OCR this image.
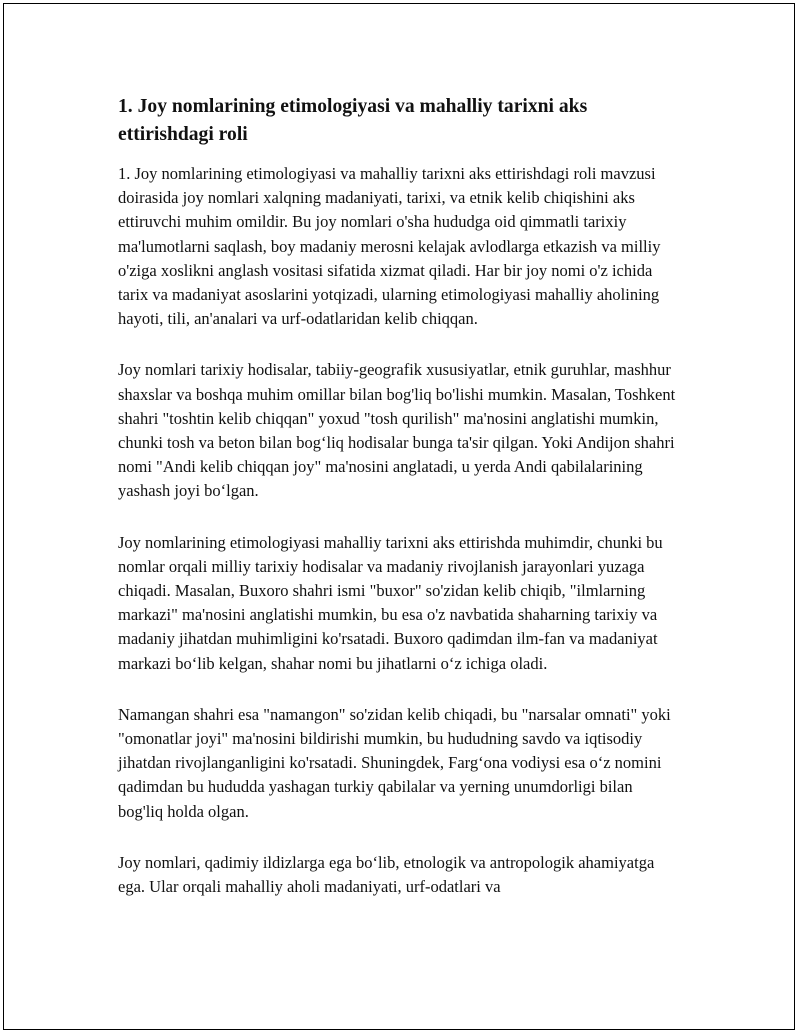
1. Joy nomlarining etimologiyasi va mahalliy tarixni aks ettirishdagi roli

1. Joy nomlarining etimologiyasi va mahalliy tarixni aks ettirishdagi roli mavzusi doirasida joy nomlari xalqning madaniyati, tarixi, va etnik kelib chiqishini aks ettiruvchi muhim omildir. Bu joy nomlari o'sha hududga oid qimmatli tarixiy ma'lumotlarni saqlash, boy madaniy merosni kelajak avlodlarga etkazish va milliy o'ziga xoslikni anglash vositasi sifatida xizmat qiladi. Har bir joy nomi o'z ichida tarix va madaniyat asoslarini yotqizadi, ularning etimologiyasi mahalliy aholining hayoti, tili, an'analari va urf-odatlaridan kelib chiqqan.

Joy nomlari tarixiy hodisalar, tabiiy-geografik xususiyatlar, etnik guruhlar, mashhur shaxslar va boshqa muhim omillar bilan bog'liq bo'lishi mumkin. Masalan, Toshkent shahri "toshtin kelib chiqqan" yoxud "tosh qurilish" ma'nosini anglatishi mumkin, chunki tosh va beton bilan bog‘liq hodisalar bunga ta'sir qilgan. Yoki Andijon shahri nomi "Andi kelib chiqqan joy" ma'nosini anglatadi, u yerda Andi qabilalarining yashash joyi bo‘lgan.

Joy nomlarining etimologiyasi mahalliy tarixni aks ettirishda muhimdir, chunki bu nomlar orqali milliy tarixiy hodisalar va madaniy rivojlanish jarayonlari yuzaga chiqadi. Masalan, Buxoro shahri ismi "buxor" so'zidan kelib chiqib, "ilmlarning markazi" ma'nosini anglatishi mumkin, bu esa o'z navbatida shaharning tarixiy va madaniy jihatdan muhimligini ko'rsatadi. Buxoro qadimdan ilm-fan va madaniyat markazi bo‘lib kelgan, shahar nomi bu jihatlarni o‘z ichiga oladi.

Namangan shahri esa "namangon" so'zidan kelib chiqadi, bu "narsalar omnati" yoki "omonatlar joyi" ma'nosini bildirishi mumkin, bu hududning savdo va iqtisodiy jihatdan rivojlanganligini ko'rsatadi. Shuningdek, Farg‘ona vodiysi esa o‘z nomini qadimdan bu hududda yashagan turkiy qabilalar va yerning unumdorligi bilan bog'liq holda olgan.

Joy nomlari, qadimiy ildizlarga ega bo‘lib, etnologik va antropologik ahamiyatga ega. Ular orqali mahalliy aholi madaniyati, urf-odatlari va
